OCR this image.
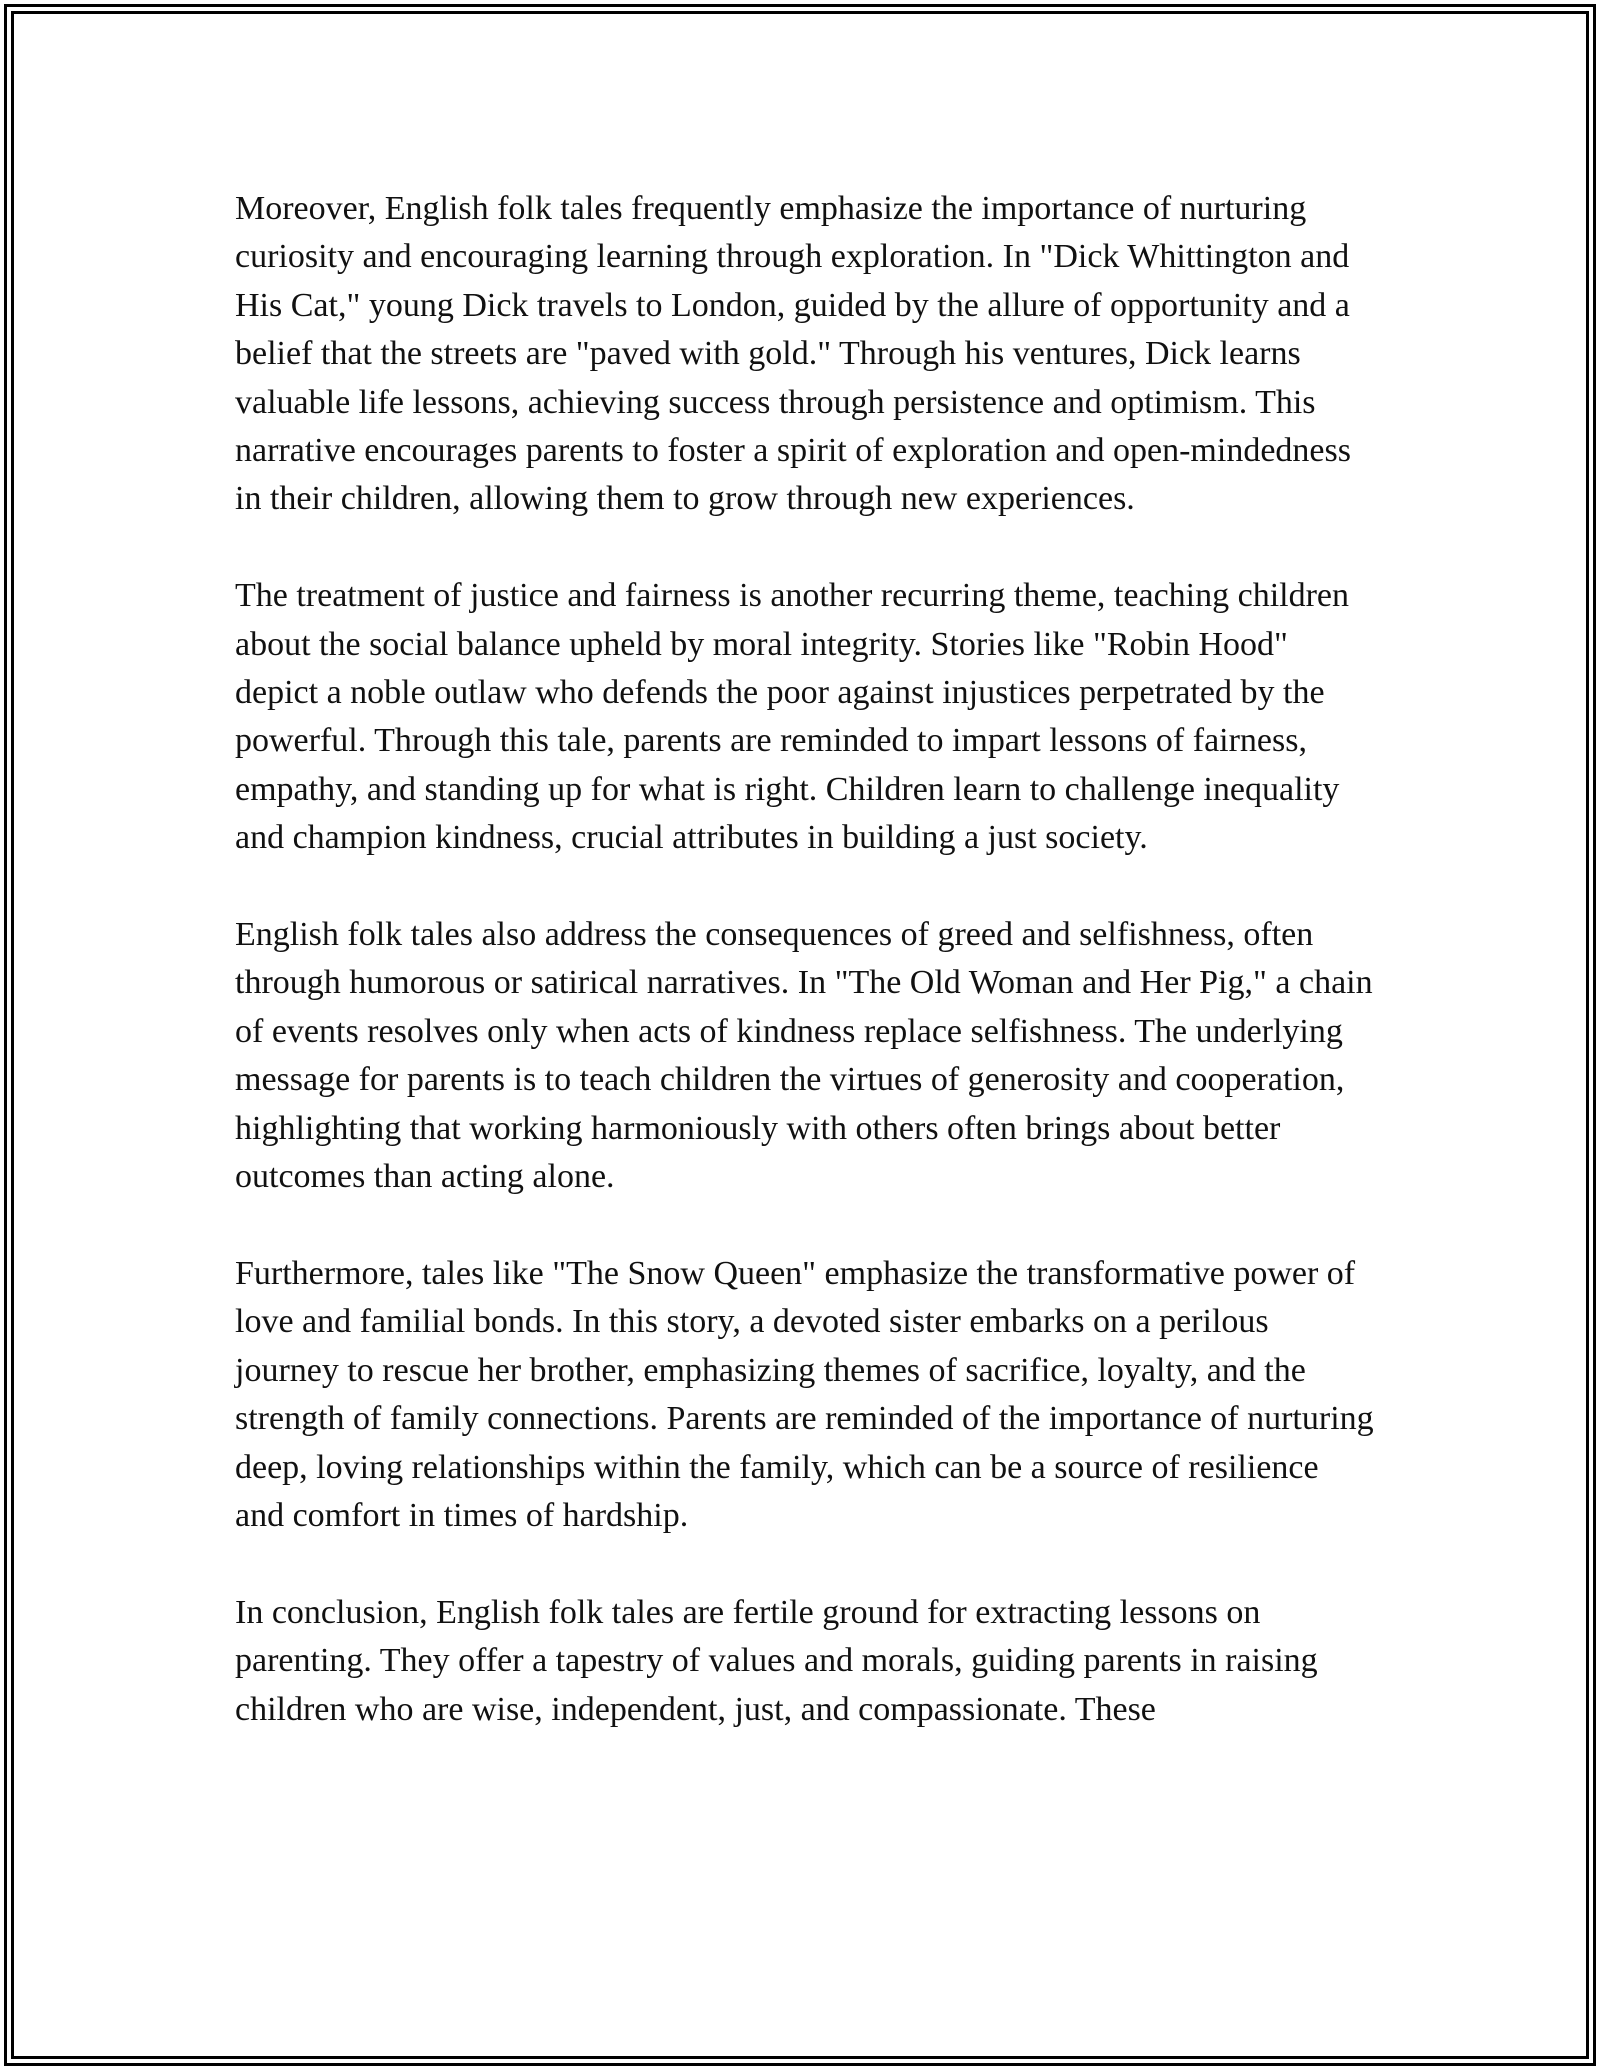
Moreover, English folk tales frequently emphasize the importance of nurturing curiosity and encouraging learning through exploration. In "Dick Whittington and His Cat," young Dick travels to London, guided by the allure of opportunity and a belief that the streets are "paved with gold." Through his ventures, Dick learns valuable life lessons, achieving success through persistence and optimism. This narrative encourages parents to foster a spirit of exploration and open-mindedness in their children, allowing them to grow through new experiences.

The treatment of justice and fairness is another recurring theme, teaching children about the social balance upheld by moral integrity. Stories like "Robin Hood" depict a noble outlaw who defends the poor against injustices perpetrated by the powerful. Through this tale, parents are reminded to impart lessons of fairness, empathy, and standing up for what is right. Children learn to challenge inequality and champion kindness, crucial attributes in building a just society.

English folk tales also address the consequences of greed and selfishness, often through humorous or satirical narratives. In "The Old Woman and Her Pig," a chain of events resolves only when acts of kindness replace selfishness. The underlying message for parents is to teach children the virtues of generosity and cooperation, highlighting that working harmoniously with others often brings about better outcomes than acting alone.

Furthermore, tales like "The Snow Queen" emphasize the transformative power of love and familial bonds. In this story, a devoted sister embarks on a perilous journey to rescue her brother, emphasizing themes of sacrifice, loyalty, and the strength of family connections. Parents are reminded of the importance of nurturing deep, loving relationships within the family, which can be a source of resilience and comfort in times of hardship.

In conclusion, English folk tales are fertile ground for extracting lessons on parenting. They offer a tapestry of values and morals, guiding parents in raising children who are wise, independent, just, and compassionate. These
